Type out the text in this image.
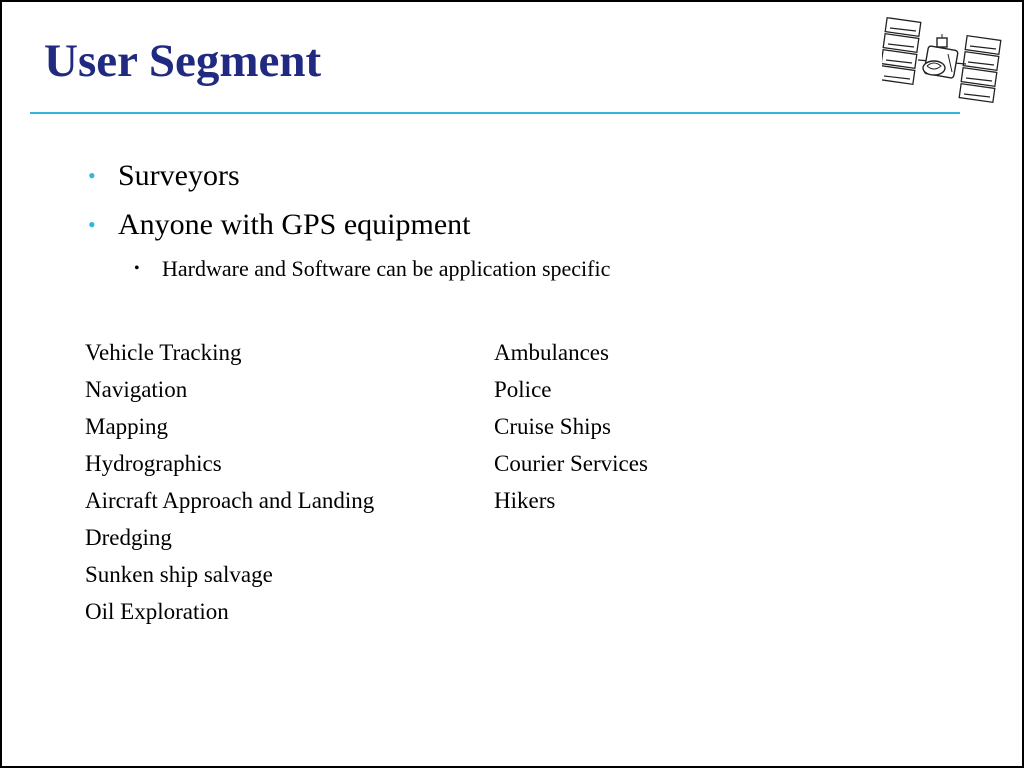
User Segment
• Surveyors
• Anyone with GPS equipment
• Hardware and Software can be application specific
Vehicle Tracking
Navigation
Mapping
Hydrographics
Aircraft Approach and Landing
Dredging
Sunken ship salvage
Oil Exploration
Ambulances
Police
Cruise Ships
Courier Services
Hikers
